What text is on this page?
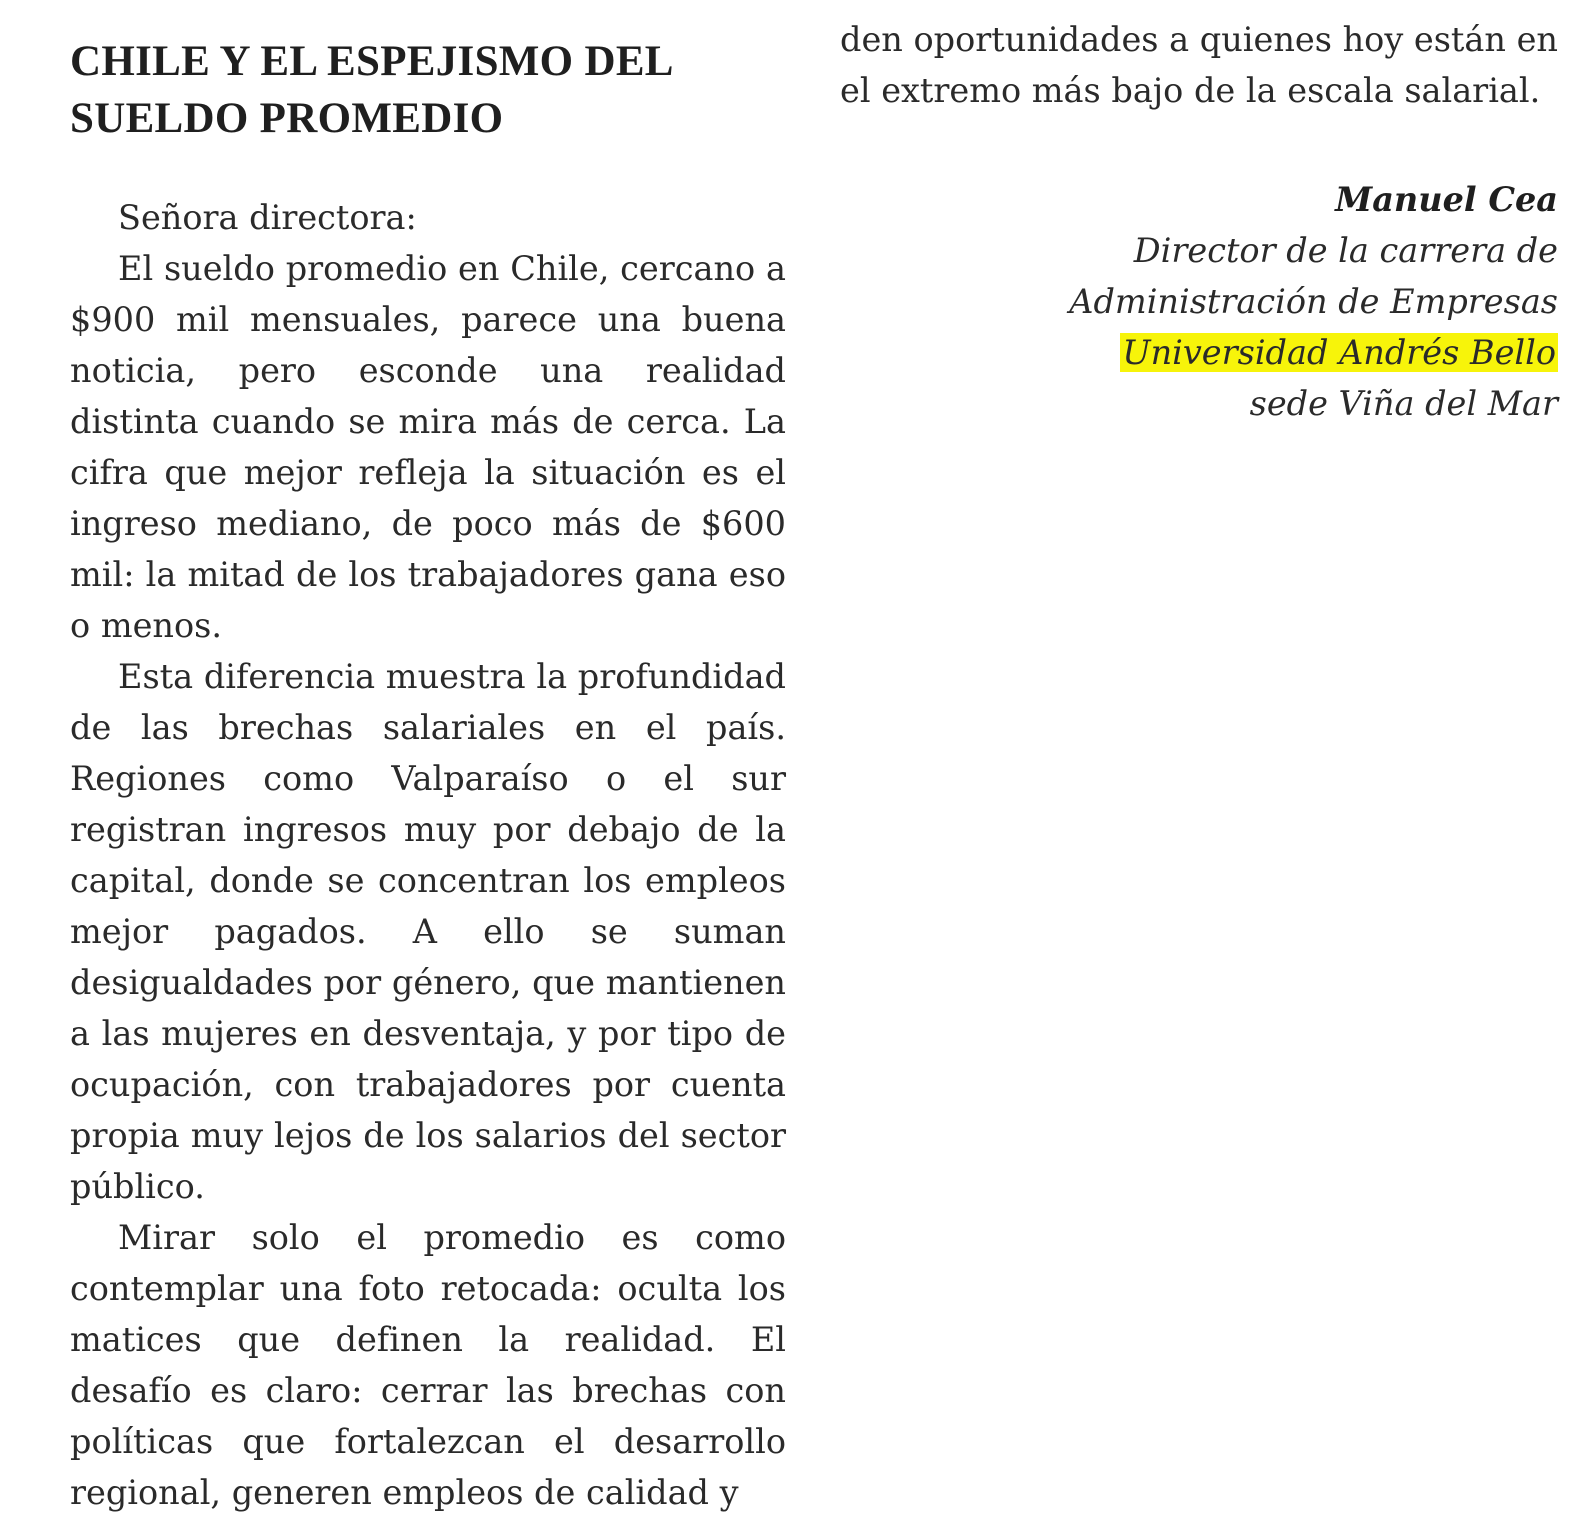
CHILE Y EL ESPEJISMO DEL SUELDO PROMEDIO

Señora directora:

El sueldo promedio en Chile, cercano a $900 mil mensuales, parece una buena noticia, pero esconde una realidad distinta cuando se mira más de cerca. La cifra que mejor refleja la situación es el ingreso mediano, de poco más de $600 mil: la mitad de los trabajadores gana eso o menos.

Esta diferencia muestra la profundidad de las brechas salariales en el país. Regiones como Valparaíso o el sur registran ingresos muy por debajo de la capital, donde se concentran los empleos mejor pagados. A ello se suman desigualdades por género, que mantienen a las mujeres en desventaja, y por tipo de ocupación, con trabajadores por cuenta propia muy lejos de los salarios del sector público.

Mirar solo el promedio es como contemplar una foto retocada: oculta los matices que definen la realidad. El desafío es claro: cerrar las brechas con políticas que fortalezcan el desarrollo regional, generen empleos de calidad y

den oportunidades a quienes hoy están en el extremo más bajo de la escala salarial.

Manuel Cea
Director de la carrera de
Administración de Empresas
Universidad Andrés Bello
sede Viña del Mar
